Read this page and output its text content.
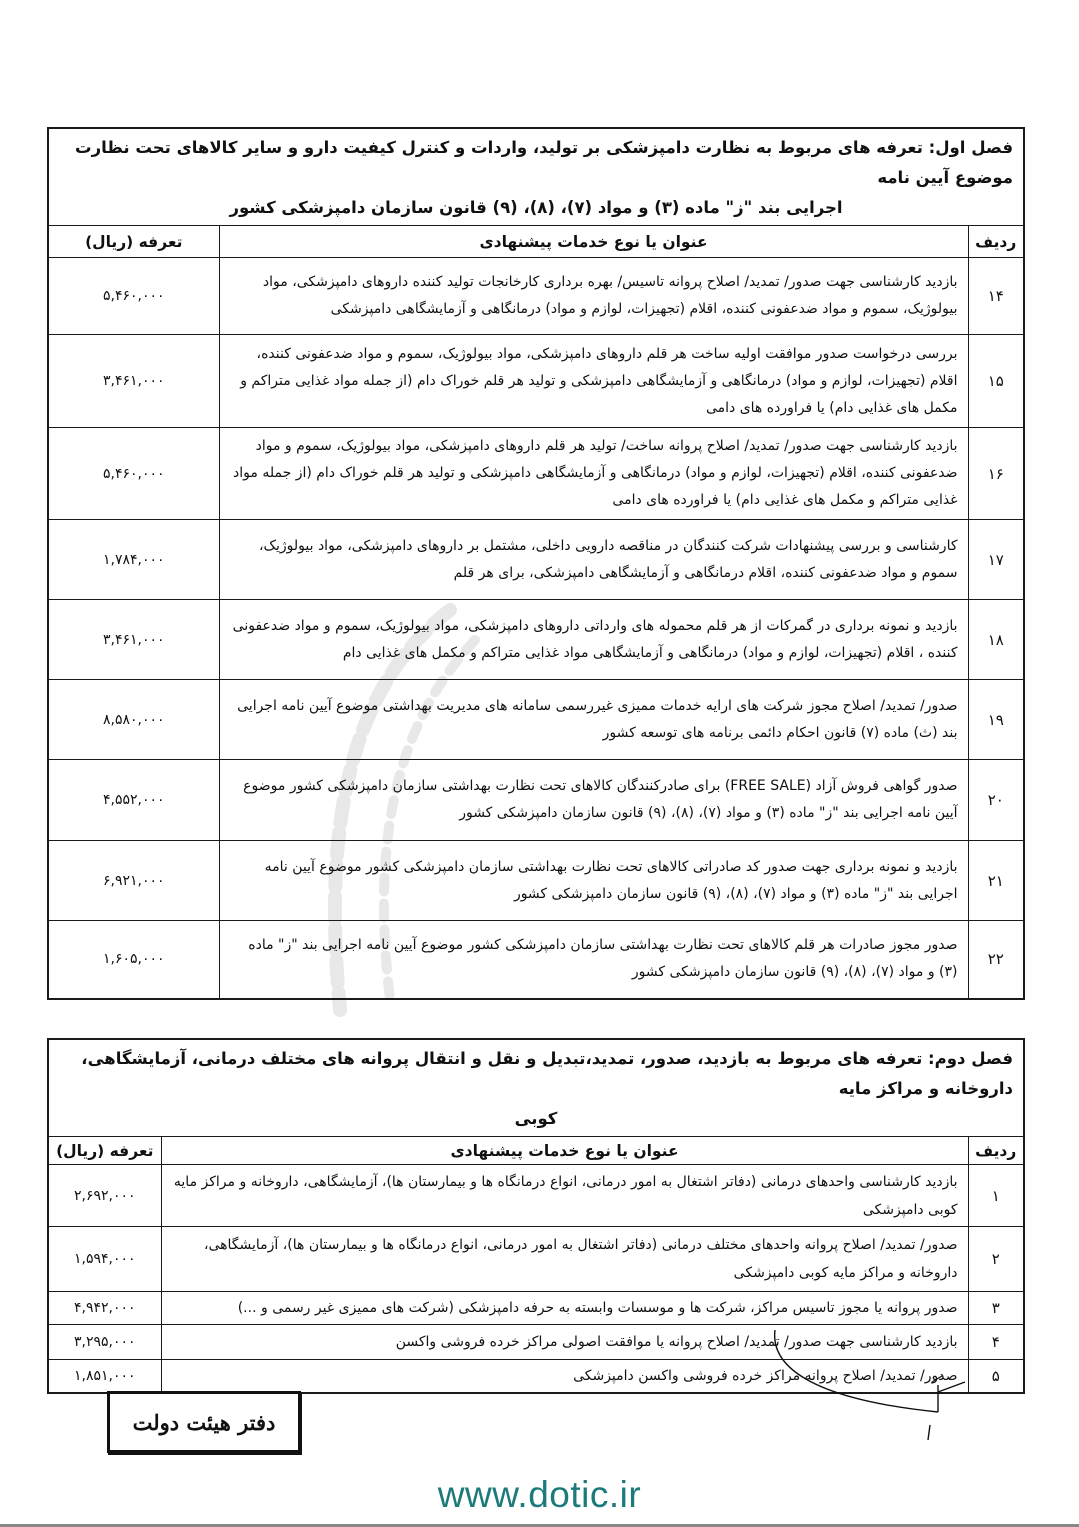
فصل اول: تعرفه های مربوط به نظارت دامپزشکی بر تولید، واردات و کنترل کیفیت دارو و سایر کالاهای تحت نظارت موضوع آیین نامه
اجرایی بند "ز" ماده (۳) و مواد (۷)، (۸)، (۹) قانون سازمان دامپزشکی کشور		

ردیف	عنوان یا نوع خدمات پیشنهادی	تعرفه (ریال)
۱۴	بازدید کارشناسی جهت صدور/ تمدید/ اصلاح پروانه تاسیس/ بهره برداری کارخانجات تولید کننده داروهای دامپزشکی، مواد بیولوژیک، سموم و مواد ضدعفونی کننده، اقلام (تجهیزات، لوازم و مواد) درمانگاهی و آزمایشگاهی دامپزشکی	۵,۴۶۰,۰۰۰
۱۵	بررسی درخواست صدور موافقت اولیه ساخت هر قلم داروهای دامپزشکی، مواد بیولوژیک، سموم و مواد ضدعفونی کننده، اقلام (تجهیزات، لوازم و مواد) درمانگاهی و آزمایشگاهی دامپزشکی و تولید هر قلم خوراک دام (از جمله مواد غذایی متراکم و مکمل های غذایی دام) یا فراورده های دامی	۳,۴۶۱,۰۰۰
۱۶	بازدید کارشناسی جهت صدور/ تمدید/ اصلاح پروانه ساخت/ تولید هر قلم داروهای دامپزشکی، مواد بیولوژیک، سموم و مواد ضدعفونی کننده، اقلام (تجهیزات، لوازم و مواد) درمانگاهی و آزمایشگاهی دامپزشکی و تولید هر قلم خوراک دام (از جمله مواد غذایی متراکم و مکمل های غذایی دام) یا فراورده های دامی	۵,۴۶۰,۰۰۰
۱۷	کارشناسی و بررسی پیشنهادات شرکت کنندگان در مناقصه دارویی داخلی، مشتمل بر داروهای دامپزشکی، مواد بیولوژیک، سموم و مواد ضدعفونی کننده، اقلام درمانگاهی و آزمایشگاهی دامپزشکی، برای هر قلم	۱,۷۸۴,۰۰۰
۱۸	بازدید و نمونه برداری در گمرکات از هر قلم محموله های وارداتی داروهای دامپزشکی، مواد بیولوژیک، سموم و مواد ضدعفونی کننده ، اقلام (تجهیزات، لوازم و مواد) درمانگاهی و آزمایشگاهی مواد غذایی متراکم و مکمل های غذایی دام	۳,۴۶۱,۰۰۰
۱۹	صدور/ تمدید/ اصلاح مجوز شرکت های ارایه خدمات ممیزی غیررسمی سامانه های مدیریت بهداشتی موضوع آیین نامه اجرایی بند (ث) ماده (۷) قانون احکام دائمی برنامه های توسعه کشور	۸,۵۸۰,۰۰۰
۲۰	صدور گواهی فروش آزاد (FREE SALE) برای صادرکنندگان کالاهای تحت نظارت بهداشتی سازمان دامپزشکی کشور موضوع آیین نامه اجرایی بند "ز" ماده (۳) و مواد (۷)، (۸)، (۹) قانون سازمان دامپزشکی کشور	۴,۵۵۲,۰۰۰
۲۱	بازدید و نمونه برداری جهت صدور کد صادراتی کالاهای تحت نظارت بهداشتی سازمان دامپزشکی کشور موضوع آیین نامه اجرایی بند "ز" ماده (۳) و مواد (۷)، (۸)، (۹) قانون سازمان دامپزشکی کشور	۶,۹۲۱,۰۰۰
۲۲	صدور مجوز صادرات هر قلم کالاهای تحت نظارت بهداشتی سازمان دامپزشکی کشور موضوع آیین نامه اجرایی بند "ز" ماده (۳) و مواد (۷)، (۸)، (۹) قانون سازمان دامپزشکی کشور	۱,۶۰۵,۰۰۰
فصل دوم: تعرفه های مربوط به بازدید، صدور، تمدید،تبدیل و نقل و انتقال پروانه های مختلف درمانی، آزمایشگاهی، داروخانه و مراکز مایه
کوبی		

ردیف	عنوان یا نوع خدمات پیشنهادی	تعرفه (ریال)
۱	بازدید کارشناسی واحدهای درمانی (دفاتر اشتغال به امور درمانی، انواع درمانگاه ها و بیمارستان ها)، آزمایشگاهی، داروخانه و مراکز مایه کوبی دامپزشکی	۲,۶۹۲,۰۰۰
۲	صدور/ تمدید/ اصلاح پروانه واحدهای مختلف درمانی (دفاتر اشتغال به امور درمانی، انواع درمانگاه ها و بیمارستان ها)، آزمایشگاهی، داروخانه و مراکز مایه کوبی دامپزشکی	۱,۵۹۴,۰۰۰
۳	صدور پروانه یا مجوز تاسیس مراکز، شرکت ها و موسسات وابسته به حرفه دامپزشکی (شرکت های ممیزی غیر رسمی و ...)	۴,۹۴۲,۰۰۰
۴	بازدید کارشناسی جهت صدور/ تمدید/ اصلاح پروانه یا موافقت اصولی مراکز خرده فروشی واکسن	۳,۲۹۵,۰۰۰
۵	صدور/ تمدید/ اصلاح پروانه مراکز خرده فروشی واکسن دامپزشکی	۱,۸۵۱,۰۰۰
دفتر هیئت دولت
www.dotic.ir
